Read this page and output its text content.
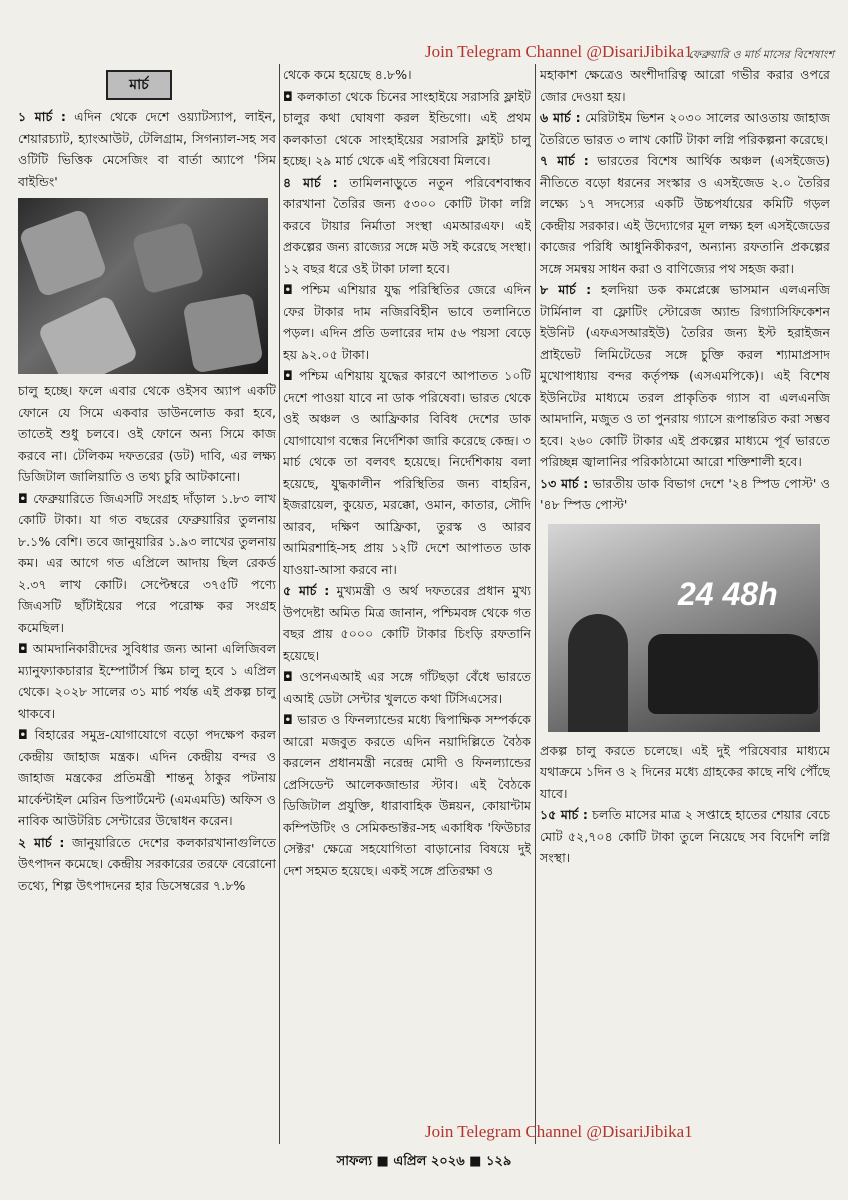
Join Telegram Channel @DisariJibika1
ফেব্রুয়ারি ও মার্চ মাসের বিশেষাংশ
মার্চ

১ মার্চ : এদিন থেকে দেশে ওয়্যাটস্যাপ, লাইন, শেয়ারচ্যাট, হ্যাংআউট, টেলিগ্রাম, সিগন্যাল-সহ সব ওটিটি ভিত্তিক মেসেজিং বা বার্তা অ্যাপে 'সিম বাইন্ডিং'

চালু হচ্ছে। ফলে এবার থেকে ওইসব অ্যাপ একটি ফোনে যে সিমে একবার ডাউনলোড করা হবে, তাতেই শুধু চলবে। ওই ফোনে অন্য সিমে কাজ করবে না। টেলিকম দফতরের (ডট) দাবি, এর লক্ষ্য ডিজিটাল জালিয়াতি ও তথ্য চুরি আটকানো।

◘ ফেব্রুয়ারিতে জিএসটি সংগ্রহ দাঁড়াল ১.৮৩ লাখ কোটি টাকা। যা গত বছরের ফেব্রুয়ারির তুলনায় ৮.১% বেশি। তবে জানুয়ারির ১.৯৩ লাখের তুলনায় কম। এর আগে গত এপ্রিলে আদায় ছিল রেকর্ড ২.৩৭ লাখ কোটি। সেপ্টেম্বরে ৩৭৫টি পণ্যে জিএসটি ছাঁটাইয়ের পরে পরোক্ষ কর সংগ্রহ কমেছিল।

◘ আমদানিকারীদের সুবিধার জন্য আনা এলিজিবল ম্যানুফ্যাকচারার ইম্পোর্টার্স স্কিম চালু হবে ১ এপ্রিল থেকে। ২০২৮ সালের ৩১ মার্চ পর্যন্ত এই প্রকল্প চালু থাকবে।

◘ বিহারের সমুদ্র-যোগাযোগে বড়ো পদক্ষেপ করল কেন্দ্রীয় জাহাজ মন্ত্রক। এদিন কেন্দ্রীয় বন্দর ও জাহাজ মন্ত্রকের প্রতিমন্ত্রী শান্তনু ঠাকুর পটনায় মার্কেন্টাইল মেরিন ডিপার্টমেন্ট (এমএমডি) অফিস ও নাবিক আউটরিচ সেন্টারের উদ্বোধন করেন।

২ মার্চ : জানুয়ারিতে দেশের কলকারখানাগুলিতে উৎপাদন কমেছে। কেন্দ্রীয় সরকারের তরফে বেরোনো তথ্যে, শিল্প উৎপাদনের হার ডিসেম্বরের ৭.৮%

থেকে কমে হয়েছে ৪.৮%।

◘ কলকাতা থেকে চিনের সাংহাইয়ে সরাসরি ফ্লাইট চালুর কথা ঘোষণা করল ইন্ডিগো। এই প্রথম কলকাতা থেকে সাংহাইয়ের সরাসরি ফ্লাইট চালু হচ্ছে। ২৯ মার্চ থেকে এই পরিষেবা মিলবে।

৪ মার্চ : তামিলনাড়ুতে নতুন পরিবেশবান্ধব কারখানা তৈরির জন্য ৫৩০০ কোটি টাকা লগ্নি করবে টায়ার নির্মাতা সংস্থা এমআরএফ। এই প্রকল্পের জন্য রাজ্যের সঙ্গে মউ সই করেছে সংস্থা। ১২ বছর ধরে ওই টাকা ঢালা হবে।

◘ পশ্চিম এশিয়ার যুদ্ধ পরিস্থিতির জেরে এদিন ফের টাকার দাম নজিরবিহীন ভাবে তলানিতে পড়ল। এদিন প্রতি ডলারের দাম ৫৬ পয়সা বেড়ে হয় ৯২.০৫ টাকা।

◘ পশ্চিম এশিয়ায় যুদ্ধের কারণে আপাতত ১০টি দেশে পাওয়া যাবে না ডাক পরিষেবা। ভারত থেকে ওই অঞ্চল ও আফ্রিকার বিবিধ দেশের ডাক যোগাযোগ বন্ধের নির্দেশিকা জারি করেছে কেন্দ্র। ৩ মার্চ থেকে তা বলবৎ হয়েছে। নির্দেশিকায় বলা হয়েছে, যুদ্ধকালীন পরিস্থিতির জন্য বাহরিন, ইজরায়েল, কুয়েত, মরক্কো, ওমান, কাতার, সৌদি আরব, দক্ষিণ আফ্রিকা, তুরস্ক ও আরব আমিরশাহি-সহ প্রায় ১২টি দেশে আপাতত ডাক যাওয়া-আসা করবে না।

৫ মার্চ : মুখ্যমন্ত্রী ও অর্থ দফতরের প্রধান মুখ্য উপদেষ্টা অমিত মিত্র জানান, পশ্চিমবঙ্গ থেকে গত বছর প্রায় ৫০০০ কোটি টাকার চিংড়ি রফতানি হয়েছে।

◘ ওপেনএআই এর সঙ্গে গাঁটছড়া বেঁধে ভারতে এআই ডেটা সেন্টার খুলতে কথা টিসিএসের।

◘ ভারত ও ফিনল্যান্ডের মধ্যে দ্বিপাক্ষিক সম্পর্ককে আরো মজবুত করতে এদিন নয়াদিল্লিতে বৈঠক করলেন প্রধানমন্ত্রী নরেন্দ্র মোদী ও ফিনল্যান্ডের প্রেসিডেন্ট আলেকজান্ডার স্টাব। এই বৈঠকে ডিজিটাল প্রযুক্তি, ধারাবাহিক উন্নয়ন, কোয়ান্টাম কম্পিউটিং ও সেমিকন্ডাক্টর-সহ একাধিক 'ফিউচার সেক্টর' ক্ষেত্রে সহযোগিতা বাড়ানোর বিষয়ে দুই দেশ সহমত হয়েছে। একই সঙ্গে প্রতিরক্ষা ও

মহাকাশ ক্ষেত্রেও অংশীদারিত্ব আরো গভীর করার ওপরে জোর দেওয়া হয়।

৬ মার্চ : মেরিটাইম ভিশন ২০৩০ সালের আওতায় জাহাজ তৈরিতে ভারত ৩ লাখ কোটি টাকা লগ্নি পরিকল্পনা করেছে।

৭ মার্চ : ভারতের বিশেষ আর্থিক অঞ্চল (এসইজেড) নীতিতে বড়ো ধরনের সংস্কার ও এসইজেড ২.০ তৈরির লক্ষ্যে ১৭ সদস্যের একটি উচ্চপর্যায়ের কমিটি গড়ল কেন্দ্রীয় সরকার। এই উদ্যোগের মূল লক্ষ্য হল এসইজেডের কাজের পরিধি আধুনিকীকরণ, অন্যান্য রফতানি প্রকল্পের সঙ্গে সমন্বয় সাধন করা ও বাণিজ্যের পথ সহজ করা।

৮ মার্চ : হলদিয়া ডক কমপ্লেক্সে ভাসমান এলএনজি টার্মিনাল বা ফ্লোটিং স্টোরেজ অ্যান্ড রিগ্যাসিফিকেশন ইউনিট (এফএসআরইউ) তৈরির জন্য ইস্ট হরাইজন প্রাইভেট লিমিটেডের সঙ্গে চুক্তি করল শ্যামাপ্রসাদ মুখোপাধ্যায় বন্দর কর্তৃপক্ষ (এসএমপিকে)। এই বিশেষ ইউনিটের মাধ্যমে তরল প্রাকৃতিক গ্যাস বা এলএনজি আমদানি, মজুত ও তা পুনরায় গ্যাসে রূপান্তরিত করা সম্ভব হবে। ২৬০ কোটি টাকার এই প্রকল্পের মাধ্যমে পূর্ব ভারতে পরিচ্ছন্ন জ্বালানির পরিকাঠামো আরো শক্তিশালী হবে।

১৩ মার্চ : ভারতীয় ডাক বিভাগ দেশে '২৪ স্পিড পোস্ট' ও '৪৮ স্পিড পোস্ট'

24 48h

প্রকল্প চালু করতে চলেছে। এই দুই পরিষেবার মাধ্যমে যথাক্রমে ১দিন ও ২ দিনের মধ্যে গ্রাহকের কাছে নথি পৌঁছে যাবে।

১৫ মার্চ : চলতি মাসের মাত্র ২ সপ্তাহে হাতের শেয়ার বেচে মোট ৫২,৭০৪ কোটি টাকা তুলে নিয়েছে সব বিদেশি লগ্নি সংস্থা।

Join Telegram Channel @DisariJibika1
সাফল্য ■ এপ্রিল ২০২৬ ■ ১২৯
